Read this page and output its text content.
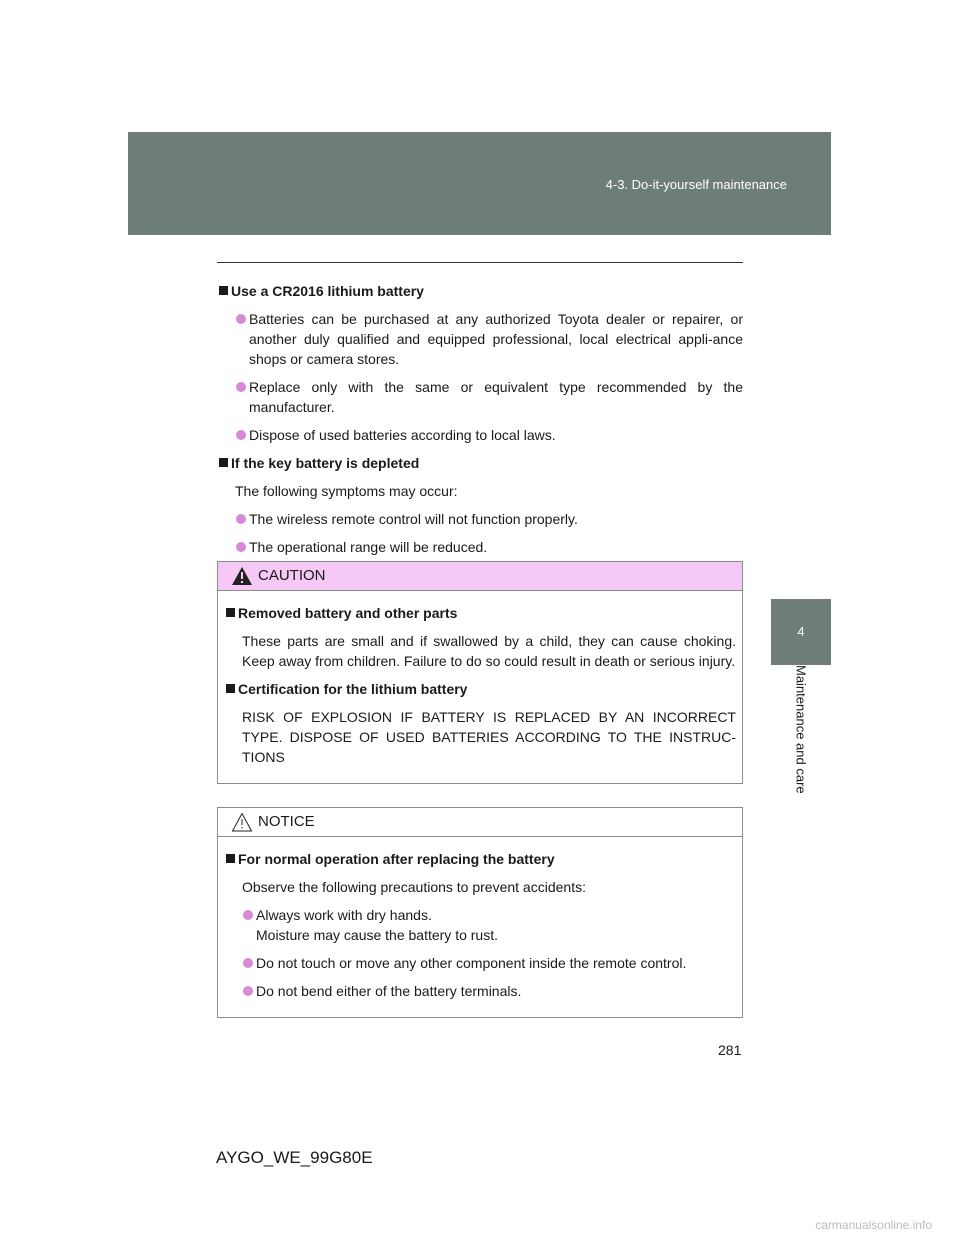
4-3. Do-it-yourself maintenance
4
Maintenance and care

Use a CR2016 lithium battery

Batteries can be purchased at any authorized Toyota dealer or repairer, or another duly qualified and equipped professional, local electrical appli-ance shops or camera stores.

Replace only with the same or equivalent type recommended by the manufacturer.

Dispose of used batteries according to local laws.

If the key battery is depleted

The following symptoms may occur:

The wireless remote control will not function properly.

The operational range will be reduced.

CAUTION

Removed battery and other parts

These parts are small and if swallowed by a child, they can cause choking. Keep away from children. Failure to do so could result in death or serious injury.

Certification for the lithium battery

RISK OF EXPLOSION IF BATTERY IS REPLACED BY AN INCORRECT TYPE. DISPOSE OF USED BATTERIES ACCORDING TO THE INSTRUC-TIONS

NOTICE

For normal operation after replacing the battery

Observe the following precautions to prevent accidents:

Always work with dry hands.
Moisture may cause the battery to rust.

Do not touch or move any other component inside the remote control.

Do not bend either of the battery terminals.

281
AYGO_WE_99G80E
carmanualsonline.info
